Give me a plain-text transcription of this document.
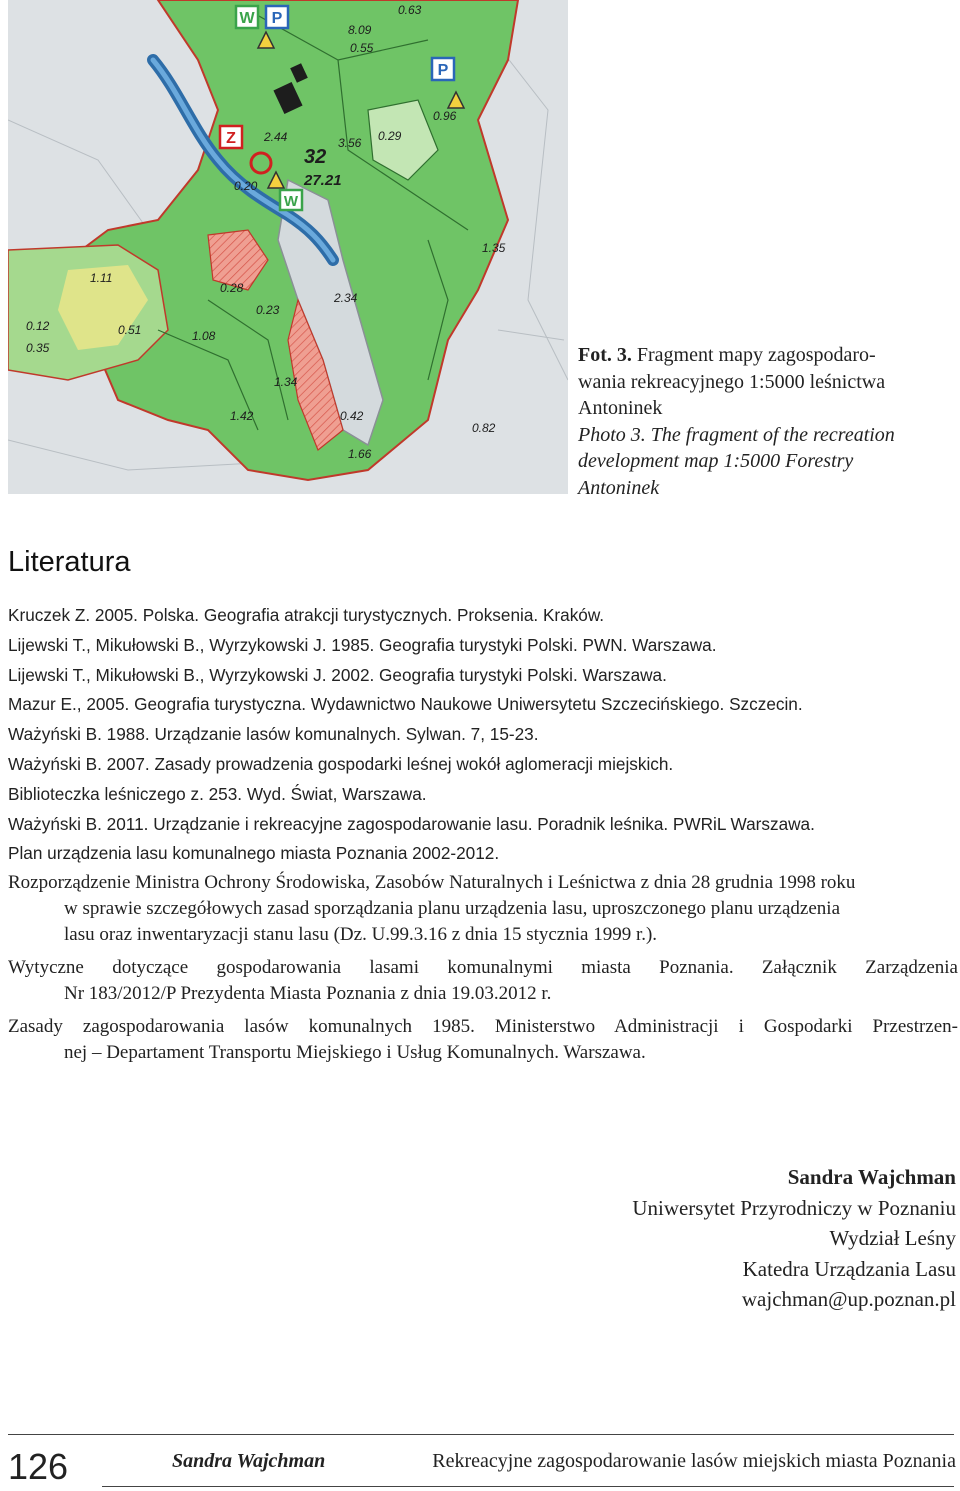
W P
P
Z
W
0.63
8.09
0.55
0.96
0.29
32
27.21
2.44	3.56
0.20
1.35
2.34
1.11
0.28
0.51	1.08
1.34
1.42	0.42
1.66
0.82
0.12
0.35
0.23
Fot. 3. Fragment mapy zagospodaro-
wania rekreacyjnego 1:5000 leśnictwa
Antoninek
Photo 3. The fragment of the recreation
development map 1:5000 Forestry
Antoninek
Literatura
Kruczek Z. 2005. Polska. Geografia atrakcji turystycznych. Proksenia. Kraków.
Lijewski T., Mikułowski B., Wyrzykowski J. 1985. Geografia turystyki Polski. PWN. Warszawa.
Lijewski T., Mikułowski B., Wyrzykowski J. 2002. Geografia turystyki Polski. Warszawa.
Mazur E., 2005. Geografia turystyczna. Wydawnictwo Naukowe Uniwersytetu Szczecińskiego. Szczecin.
Ważyński B. 1988. Urządzanie lasów komunalnych. Sylwan. 7, 15-23.
Ważyński B. 2007. Zasady prowadzenia gospodarki leśnej wokół aglomeracji miejskich.
Biblioteczka leśniczego z. 253. Wyd. Świat, Warszawa.
Ważyński B. 2011. Urządzanie i rekreacyjne zagospodarowanie lasu. Poradnik leśnika. PWRiL Warszawa.
Plan urządzenia lasu komunalnego miasta Poznania 2002-2012.
Rozporządzenie Ministra Ochrony Środowiska, Zasobów Naturalnych i Leśnictwa z dnia 28 grudnia 1998 roku
w sprawie szczegółowych zasad sporządzania planu urządzenia lasu, uproszczonego planu urządzenia
lasu oraz inwentaryzacji stanu lasu (Dz. U.99.3.16 z dnia 15 stycznia 1999 r.).
Wytyczne dotyczące gospodarowania lasami komunalnymi miasta Poznania. Załącznik Zarządzenia
Nr 183/2012/P Prezydenta Miasta Poznania z dnia 19.03.2012 r.
Zasady zagospodarowania lasów komunalnych 1985. Ministerstwo Administracji i Gospodarki Przestrzen-
nej – Departament Transportu Miejskiego i Usług Komunalnych. Warszawa.
Sandra Wajchman
Uniwersytet Przyrodniczy w Poznaniu
Wydział Leśny
Katedra Urządzania Lasu
wajchman@up.poznan.pl
126	Sandra Wajchman	Rekreacyjne zagospodarowanie lasów miejskich miasta Poznania
